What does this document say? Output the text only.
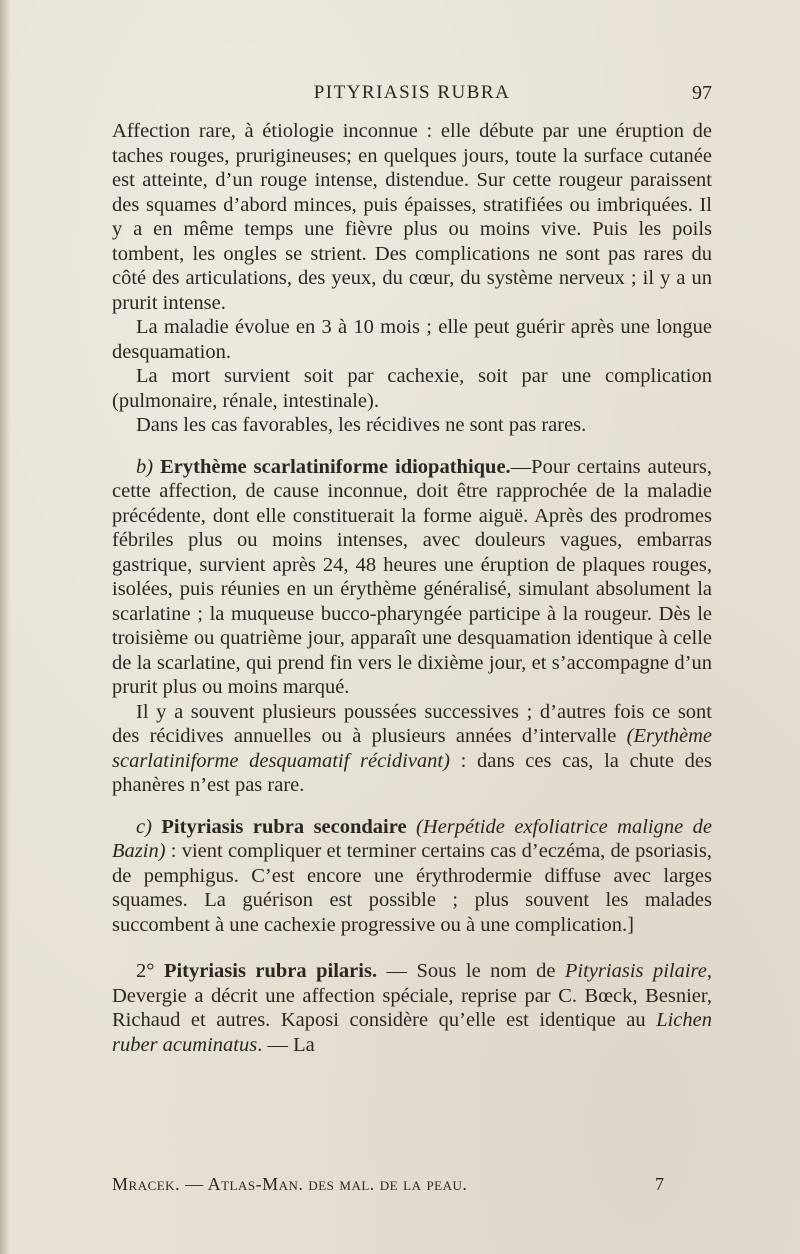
PITYRIASIS RUBRA	97

Affection rare, à étiologie inconnue : elle débute par une éruption de taches rouges, prurigineuses; en quelques jours, toute la surface cutanée est atteinte, d’un rouge intense, distendue. Sur cette rougeur paraissent des squames d’abord minces, puis épaisses, stratifiées ou imbriquées. Il y a en même temps une fièvre plus ou moins vive. Puis les poils tombent, les ongles se strient. Des complications ne sont pas rares du côté des articulations, des yeux, du cœur, du système nerveux ; il y a un prurit intense.

La maladie évolue en 3 à 10 mois ; elle peut guérir après une longue desquamation.

La mort survient soit par cachexie, soit par une complication (pulmonaire, rénale, intestinale).

Dans les cas favorables, les récidives ne sont pas rares.

b) Erythème scarlatiniforme idiopathique.—Pour certains auteurs, cette affection, de cause inconnue, doit être rapprochée de la maladie précédente, dont elle constituerait la forme aiguë. Après des prodromes fébriles plus ou moins intenses, avec douleurs vagues, embarras gastrique, survient après 24, 48 heures une éruption de plaques rouges, isolées, puis réunies en un érythème généralisé, simulant absolument la scarlatine ; la muqueuse bucco-pharyngée participe à la rougeur. Dès le troisième ou quatrième jour, apparaît une desquamation identique à celle de la scarlatine, qui prend fin vers le dixième jour, et s’accompagne d’un prurit plus ou moins marqué.

Il y a souvent plusieurs poussées successives ; d’autres fois ce sont des récidives annuelles ou à plusieurs années d’intervalle (Erythème scarlatiniforme desquamatif récidivant) : dans ces cas, la chute des phanères n’est pas rare.

c) Pityriasis rubra secondaire (Herpétide exfoliatrice maligne de Bazin) : vient compliquer et terminer certains cas d’eczéma, de psoriasis, de pemphigus. C’est encore une érythrodermie diffuse avec larges squames. La guérison est possible ; plus souvent les malades succombent à une cachexie progressive ou à une complication.]

2° Pityriasis rubra pilaris. — Sous le nom de Pityriasis pilaire, Devergie a décrit une affection spéciale, reprise par C. Bœck, Besnier, Richaud et autres. Kaposi considère qu’elle est identique au Lichen ruber acuminatus. — La

Mracek. — Atlas-Man. des mal. de la peau.	7
